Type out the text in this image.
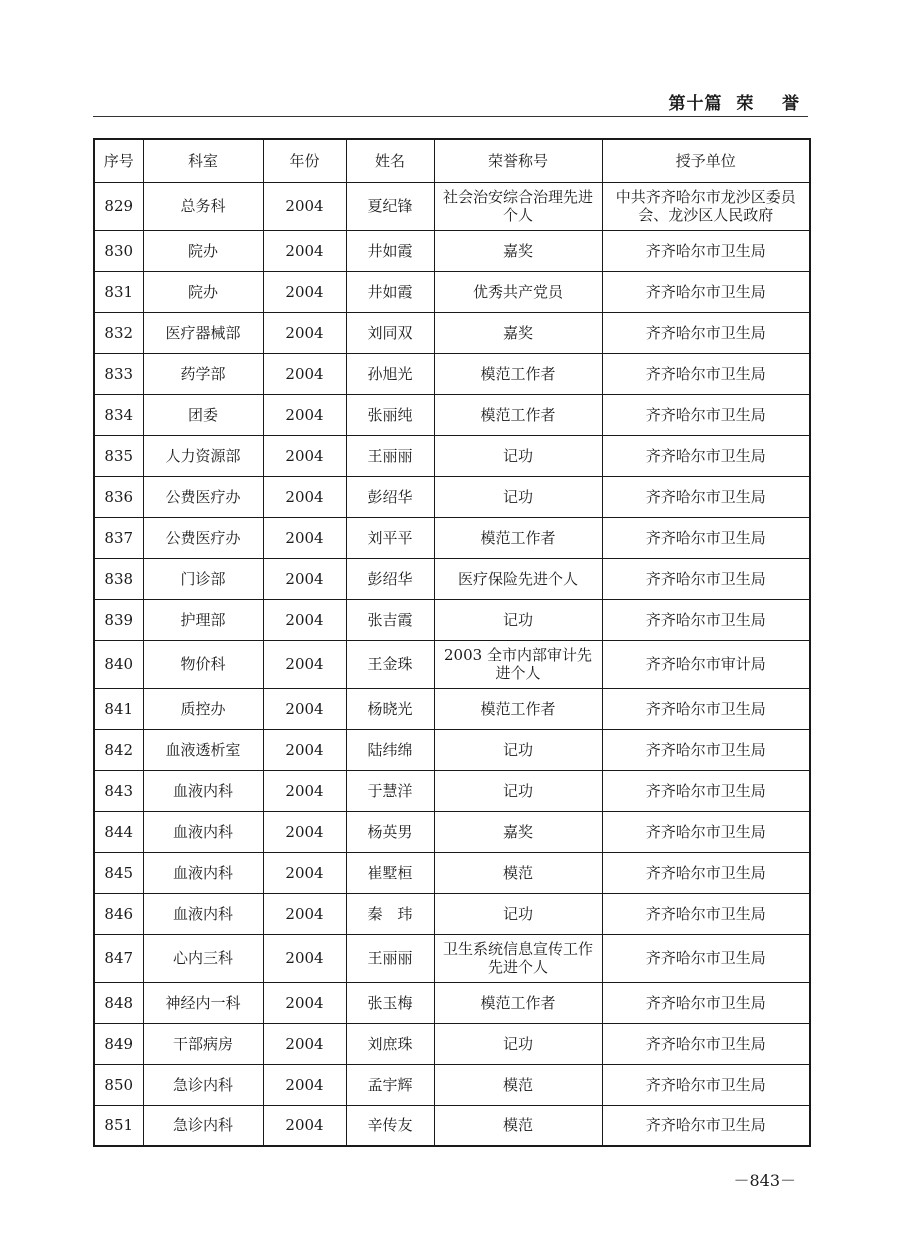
第十篇  荣    誉
序号	科室	年份	姓名	荣誉称号	授予单位
829	总务科	2004	夏纪锋	社会治安综合治理先进个人	中共齐齐哈尔市龙沙区委员会、龙沙区人民政府
830	院办	2004	井如霞	嘉奖	齐齐哈尔市卫生局
831	院办	2004	井如霞	优秀共产党员	齐齐哈尔市卫生局
832	医疗器械部	2004	刘同双	嘉奖	齐齐哈尔市卫生局
833	药学部	2004	孙旭光	模范工作者	齐齐哈尔市卫生局
834	团委	2004	张丽纯	模范工作者	齐齐哈尔市卫生局
835	人力资源部	2004	王丽丽	记功	齐齐哈尔市卫生局
836	公费医疗办	2004	彭绍华	记功	齐齐哈尔市卫生局
837	公费医疗办	2004	刘平平	模范工作者	齐齐哈尔市卫生局
838	门诊部	2004	彭绍华	医疗保险先进个人	齐齐哈尔市卫生局
839	护理部	2004	张吉霞	记功	齐齐哈尔市卫生局
840	物价科	2004	王金珠	2003 全市内部审计先进个人	齐齐哈尔市审计局
841	质控办	2004	杨晓光	模范工作者	齐齐哈尔市卫生局
842	血液透析室	2004	陆纬绵	记功	齐齐哈尔市卫生局
843	血液内科	2004	于慧洋	记功	齐齐哈尔市卫生局
844	血液内科	2004	杨英男	嘉奖	齐齐哈尔市卫生局
845	血液内科	2004	崔墅桓	模范	齐齐哈尔市卫生局
846	血液内科	2004	秦　玮	记功	齐齐哈尔市卫生局
847	心内三科	2004	王丽丽	卫生系统信息宣传工作先进个人	齐齐哈尔市卫生局
848	神经内一科	2004	张玉梅	模范工作者	齐齐哈尔市卫生局
849	干部病房	2004	刘庶珠	记功	齐齐哈尔市卫生局
850	急诊内科	2004	孟宇辉	模范	齐齐哈尔市卫生局
851	急诊内科	2004	辛传友	模范	齐齐哈尔市卫生局
－843－
